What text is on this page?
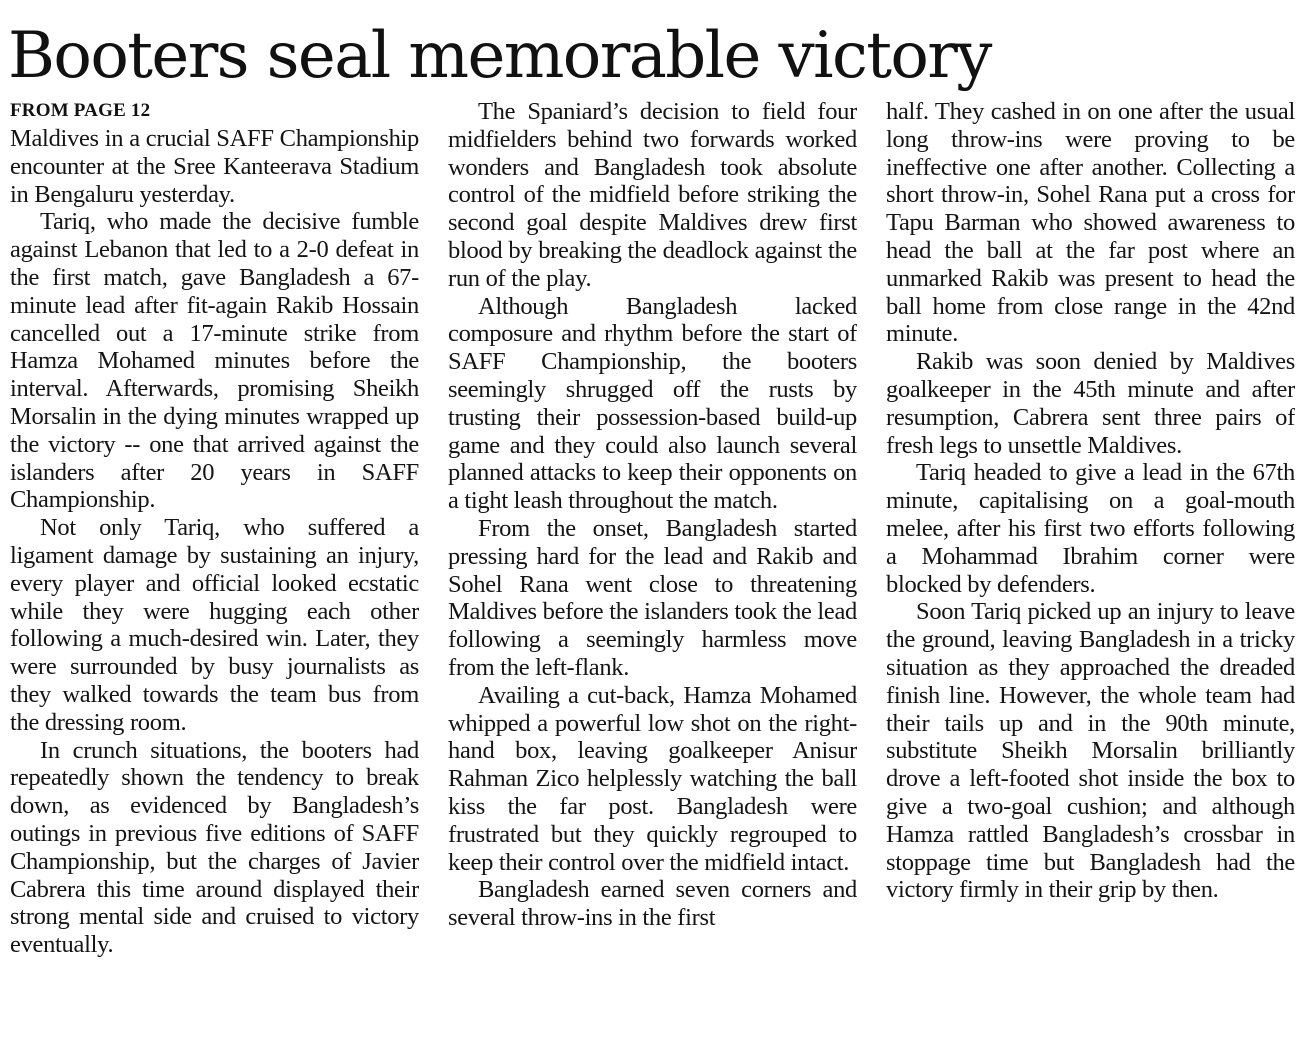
Booters seal memorable victory

FROM PAGE 12

Maldives in a crucial SAFF Championship encounter at the Sree Kanteerava Stadium in Bengaluru yesterday.

Tariq, who made the decisive fumble against Lebanon that led to a 2-0 defeat in the first match, gave Bangladesh a 67-minute lead after fit-again Rakib Hossain cancelled out a 17-minute strike from Hamza Mohamed minutes before the interval. Afterwards, promising Sheikh Morsalin in the dying minutes wrapped up the victory -- one that arrived against the islanders after 20 years in SAFF Championship.

Not only Tariq, who suffered a ligament damage by sustaining an injury, every player and official looked ecstatic while they were hugging each other following a much-desired win. Later, they were surrounded by busy journalists as they walked towards the team bus from the dressing room.

In crunch situations, the booters had repeatedly shown the tendency to break down, as evidenced by Bangladesh’s outings in previous five editions of SAFF Championship, but the charges of Javier Cabrera this time around displayed their strong mental side and cruised to victory eventually.

The Spaniard’s decision to field four midfielders behind two forwards worked wonders and Bangladesh took absolute control of the midfield before striking the second goal despite Maldives drew first blood by breaking the deadlock against the run of the play.

Although Bangladesh lacked composure and rhythm before the start of SAFF Championship, the booters seemingly shrugged off the rusts by trusting their possession-based build-up game and they could also launch several planned attacks to keep their opponents on a tight leash throughout the match.

From the onset, Bangladesh started pressing hard for the lead and Rakib and Sohel Rana went close to threatening Maldives before the islanders took the lead following a seemingly harmless move from the left-flank.

Availing a cut-back, Hamza Mohamed whipped a powerful low shot on the right-hand box, leaving goalkeeper Anisur Rahman Zico helplessly watching the ball kiss the far post. Bangladesh were frustrated but they quickly regrouped to keep their control over the midfield intact.

Bangladesh earned seven corners and several throw-ins in the first

half. They cashed in on one after the usual long throw-ins were proving to be ineffective one after another. Collecting a short throw-in, Sohel Rana put a cross for Tapu Barman who showed awareness to head the ball at the far post where an unmarked Rakib was present to head the ball home from close range in the 42nd minute.

Rakib was soon denied by Maldives goalkeeper in the 45th minute and after resumption, Cabrera sent three pairs of fresh legs to unsettle Maldives.

Tariq headed to give a lead in the 67th minute, capitalising on a goal-mouth melee, after his first two efforts following a Mohammad Ibrahim corner were blocked by defenders.

Soon Tariq picked up an injury to leave the ground, leaving Bangladesh in a tricky situation as they approached the dreaded finish line. However, the whole team had their tails up and in the 90th minute, substitute Sheikh Morsalin brilliantly drove a left-footed shot inside the box to give a two-goal cushion; and although Hamza rattled Bangladesh’s crossbar in stoppage time but Bangladesh had the victory firmly in their grip by then.
